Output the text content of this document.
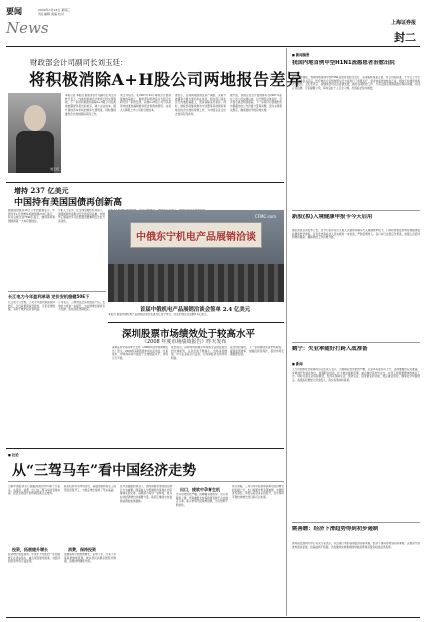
要闻	2009年3月18日 星期三
责任编辑·美编·校对
News	上海证券报
封二
财政部会计司副司长刘玉廷：
将积极消除A+H股公司两地报告差异
刘玉廷
本报记者 本报讯 财政部会计司副司长刘玉廷昨日表示，内地和香港会计准则已经实现等效，下一步将积极推动消除A+H股公司在两地披露财务报告的差异，减少企业成本，提升两地资本市场的效率与透明度，同时继续推进会计准则国际趋同工作。
刘玉廷指出，在2007年12月两地会计准则等效的基础上，财政部和香港有关方面正在研究进一步的安排，以便A+H股公司可以采用内地准则编制财务报告供两地使用，这将大大降低上市公司的合规成本。
他表示，目前两地准则在资产减值、关联方披露等少数方面仍存在差异，相关部门将在充分沟通的基础上，逐步消除这些差异。同时，财政部将继续推动与欧盟等其他国家和地区的会计准则等效工作，为中国企业走出去创造有利条件。
据介绍，我国企业会计准则体系自2007年起在上市公司实施以来，运行情况总体良好，会计信息质量明显提高。下一步将针对金融危机中暴露出的公允价值计量等问题，及时完善相关规定，确保准则平稳有效实施。
增持 237 亿美元
中国持有美国国债再创新高
据美国财政部16日公布的数据显示，中国今年1月份增持美国国债237亿美元，持有总额达到7396亿美元，继续保持美国国债第一大持有国地位。
分析人士认为，在全球金融危机背景下，美国国债仍是相对安全的投资品种，中国外汇储备的多元化配置需要兼顾安全性与流动性。
长江电力今年盈利承诺 定价安机稳健50E下
长江电力公告称，公司今年盈利承诺保持稳定，分红政策保持连续性，定价安排稳健，有利于维护投资者利益。
公司表示，三峡电站全部机组投产后，发电能力将进一步提升，为业绩增长提供有力支撑，股东回报预期稳定。
中俄东宁机电产品展销洽谈
CFMC.com
首届中俄机电产品展销洽谈会签单 2.4 亿美元
本报讯 首届中俄机电产品展销洽谈会在黑龙江东宁举行，共签约项目总金额2.4亿美元。
深圳股票市场绩效处于较高水平
《2008 年度市场绩效报告》昨天发布
深圳证券交易所昨日发布《2008年度市场绩效报告》显示，2008年深圳股票市场在流动性、交易成本、市场效率等方面处于全球较高水平，市场运行平稳。
报告指出，深圳市场的换手率和成交活跃程度位居全球前列，买卖价差不断缩小，市场深度增加，中小企业板运行良好，对实体经济支持作用明显。
报告同时提出，下一步将继续完善市场制度，提高监管效率，加强投资者保护，促进市场长期健康发展。
■ 社论
从“三驾马车”看中国经济走势
当前中国经济运行面临的国内外环境十分复杂，从投资、消费、出口这三驾马车的表现来看，经济企稳回升的积极因素正在增多。
投资，拓展提升增长
投资增长明显加快，中央扩大内需的一系列措施正在逐步落实，重点项目建设提速，对经济的拉动作用日益显现。
政府投资带动作用突出，基础设施和民生工程项目密集开工，为稳定增长提供了坚实基础。
消费，保持投资
消费保持平稳较快增长，家电下乡、汽车下乡等政策效果显现，城乡居民消费意愿有所增强，消费结构继续升级。
在外需萎缩的背景下，国内消费需求的稳定增长尤为重要。随着收入分配制度改革和社会保障体系的完善，消费潜力将进一步释放，成为拉动经济增长的重要力量。政府应继续出台鼓励消费的政策措施。
出口，疲软中孕育生机
出口形势依然严峻，但降幅有望收窄。出口退税率上调、贸易融资支持等政策有助于企业稳定订单，新兴市场开拓取得进展，出口结构不断优化。
综合来看，三驾马车中投资和消费对经济增长的贡献上升，出口拖累作用有望减弱，中国经济有望在二季度以后逐步企稳回升，全年保持平稳较快增长的目标可以实现。
■ 新闻摘要
我国内地首例甲型H1N1流感患者治愈出院
据卫生部通报，我国内地首例甲型H1N1流感患者经过治疗，各项指标恢复正常，符合出院标准，于今日上午出院。该患者入院后，医疗救治专家组按照诊疗方案进行了积极治疗，患者体温很快恢复正常，咽拭子检测连续两次为阴性。卫生部表示，将继续密切关注疫情发展，做好各项防控工作，与有关国家和国际组织保持沟通，共同应对疫情。专家提醒公众，保持良好个人卫生习惯，出现症状及时就医。
新股(拟)入境健康申报卡今天启用
国家质检总局发布公告，自今日起所有出入境人员须如实填写出入境健康申报卡，口岸检验检疫机构将加强体温检测和医学排查，对有发热等症状人员实施进一步检查，严防疫情传入。各口岸已完善应急预案，加强人员培训和物资储备，确保防控工作有效开展。
鹤宁：失业率随好打跨入战准备
■ 新闻
人力资源和社会保障部有关负责人表示，当前就业形势依然严峻，失业率可能有所上升，各地要做好应对准备，多渠道开发就业岗位，加强职业培训，扩大就业援助范围，重点做好高校毕业生、农民工和困难群体的就业工作。同时完善失业保险制度，发挥其保障生活、预防失业、促进就业的功能，稳定就业局势，确保社会和谐稳定。各级政府要加大资金投入，落实各项扶持政策。
姚善磨：经济下滑趋势得到初步遏制
国务院发展研究中心有关专家表示，从近期公布的各项经济指标来看，经济下滑趋势得到初步遏制，企稳回升的迹象逐步显现，但基础尚不稳固，仍需继续实施积极的财政政策和适度宽松的货币政策。
